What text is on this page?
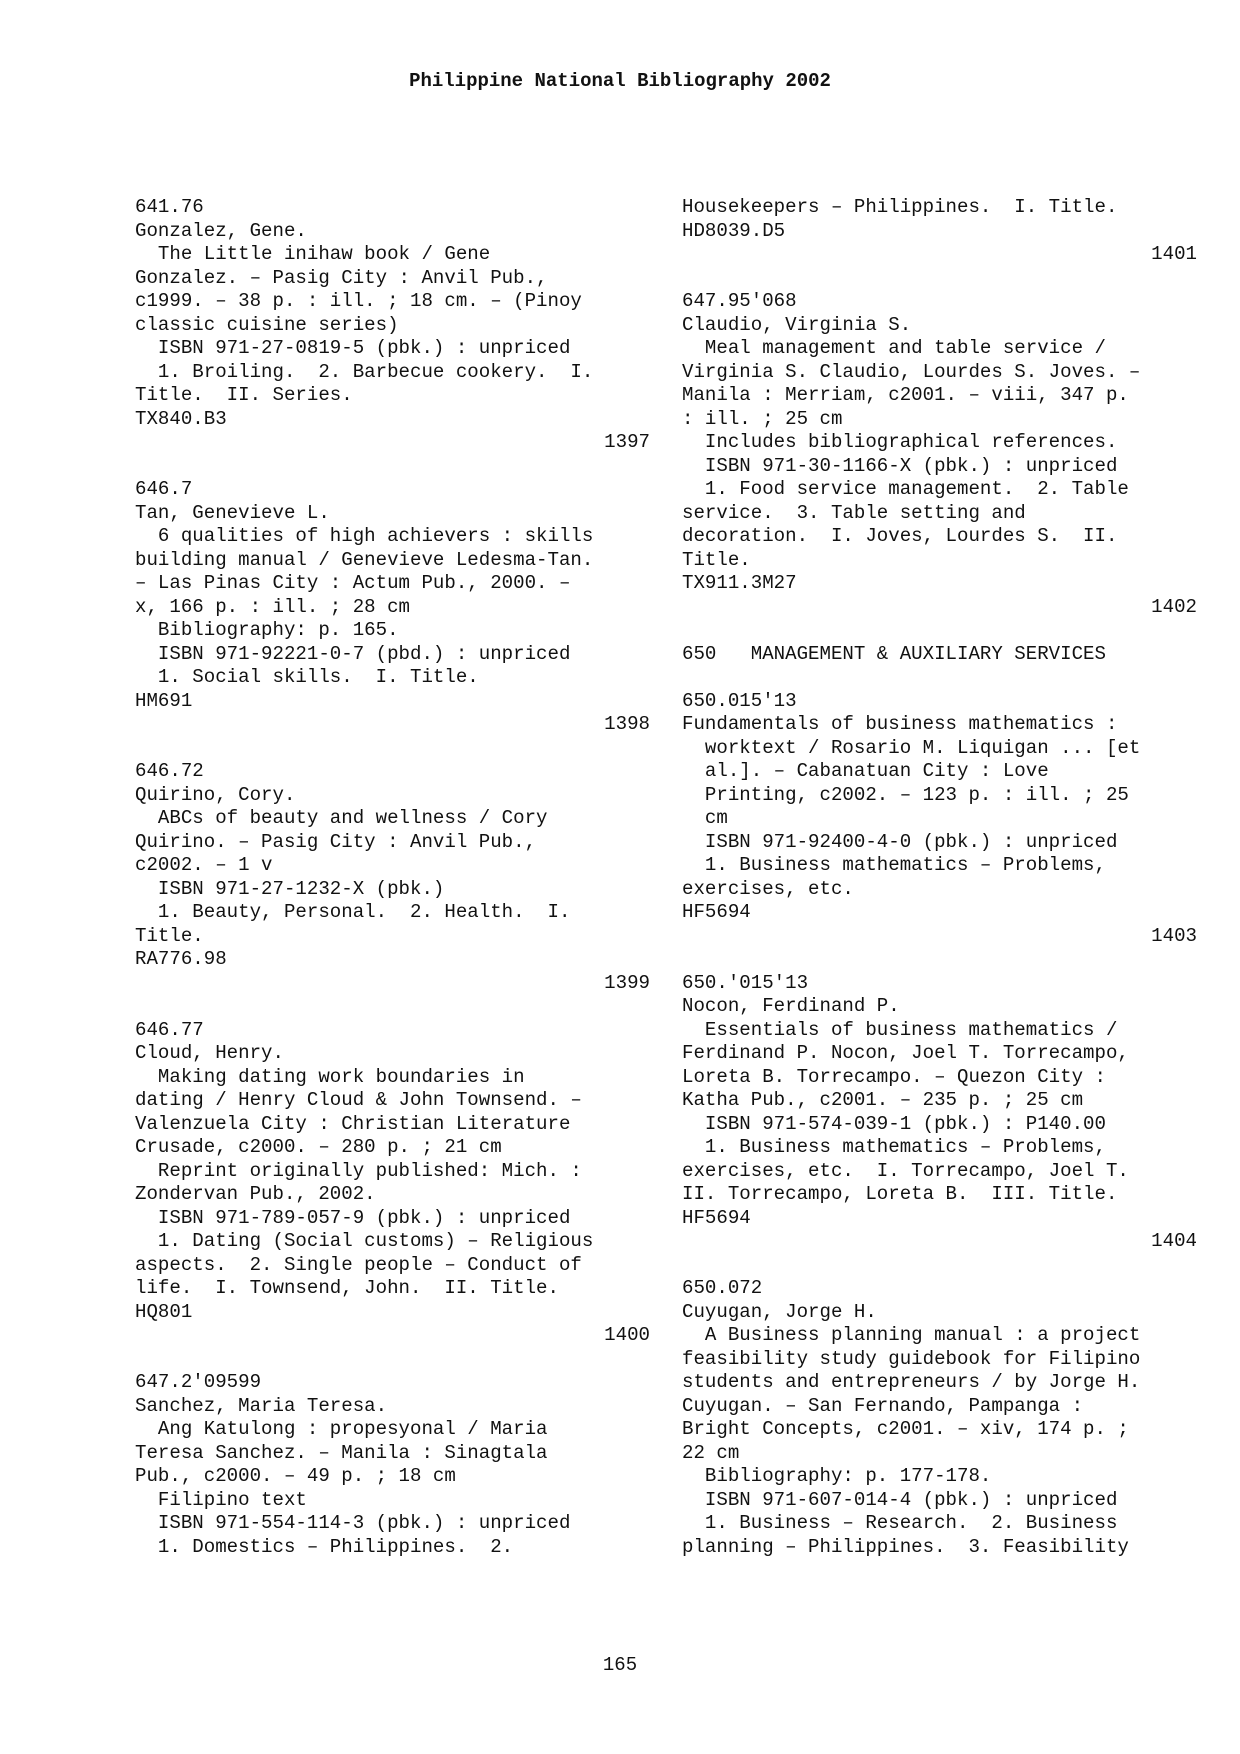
Philippine National Bibliography 2002
641.76
Gonzalez, Gene.
The Little inihaw book / Gene
Gonzalez. – Pasig City : Anvil Pub.,
c1999. – 38 p. : ill. ; 18 cm. – (Pinoy
classic cuisine series)
ISBN 971-27-0819-5 (pbk.) : unpriced
1. Broiling.  2. Barbecue cookery.  I.
Title.  II. Series.
TX840.B3
1397
646.7
Tan, Genevieve L.
6 qualities of high achievers : skills
building manual / Genevieve Ledesma-Tan.
– Las Pinas City : Actum Pub., 2000. –
x, 166 p. : ill. ; 28 cm
Bibliography: p. 165.
ISBN 971-92221-0-7 (pbd.) : unpriced
1. Social skills.  I. Title.
HM691
1398
646.72
Quirino, Cory.
ABCs of beauty and wellness / Cory
Quirino. – Pasig City : Anvil Pub.,
c2002. – 1 v
ISBN 971-27-1232-X (pbk.)
1. Beauty, Personal.  2. Health.  I.
Title.
RA776.98
1399
646.77
Cloud, Henry.
Making dating work boundaries in
dating / Henry Cloud & John Townsend. –
Valenzuela City : Christian Literature
Crusade, c2000. – 280 p. ; 21 cm
Reprint originally published: Mich. :
Zondervan Pub., 2002.
ISBN 971-789-057-9 (pbk.) : unpriced
1. Dating (Social customs) – Religious
aspects.  2. Single people – Conduct of
life.  I. Townsend, John.  II. Title.
HQ801
1400
647.2'09599
Sanchez, Maria Teresa.
Ang Katulong : propesyonal / Maria
Teresa Sanchez. – Manila : Sinagtala
Pub., c2000. – 49 p. ; 18 cm
Filipino text
ISBN 971-554-114-3 (pbk.) : unpriced
1. Domestics – Philippines.  2.
Housekeepers – Philippines.  I. Title.
HD8039.D5
1401
647.95'068
Claudio, Virginia S.
Meal management and table service /
Virginia S. Claudio, Lourdes S. Joves. –
Manila : Merriam, c2001. – viii, 347 p.
: ill. ; 25 cm
Includes bibliographical references.
ISBN 971-30-1166-X (pbk.) : unpriced
1. Food service management.  2. Table
service.  3. Table setting and
decoration.  I. Joves, Lourdes S.  II.
Title.
TX911.3M27
1402
650   MANAGEMENT & AUXILIARY SERVICES
650.015'13
Fundamentals of business mathematics :
worktext / Rosario M. Liquigan ... [et
al.]. – Cabanatuan City : Love
Printing, c2002. – 123 p. : ill. ; 25
cm
ISBN 971-92400-4-0 (pbk.) : unpriced
1. Business mathematics – Problems,
exercises, etc.
HF5694
1403
650.'015'13
Nocon, Ferdinand P.
Essentials of business mathematics /
Ferdinand P. Nocon, Joel T. Torrecampo,
Loreta B. Torrecampo. – Quezon City :
Katha Pub., c2001. – 235 p. ; 25 cm
ISBN 971-574-039-1 (pbk.) : P140.00
1. Business mathematics – Problems,
exercises, etc.  I. Torrecampo, Joel T.
II. Torrecampo, Loreta B.  III. Title.
HF5694
1404
650.072
Cuyugan, Jorge H.
A Business planning manual : a project
feasibility study guidebook for Filipino
students and entrepreneurs / by Jorge H.
Cuyugan. – San Fernando, Pampanga :
Bright Concepts, c2001. – xiv, 174 p. ;
22 cm
Bibliography: p. 177-178.
ISBN 971-607-014-4 (pbk.) : unpriced
1. Business – Research.  2. Business
planning – Philippines.  3. Feasibility
165
